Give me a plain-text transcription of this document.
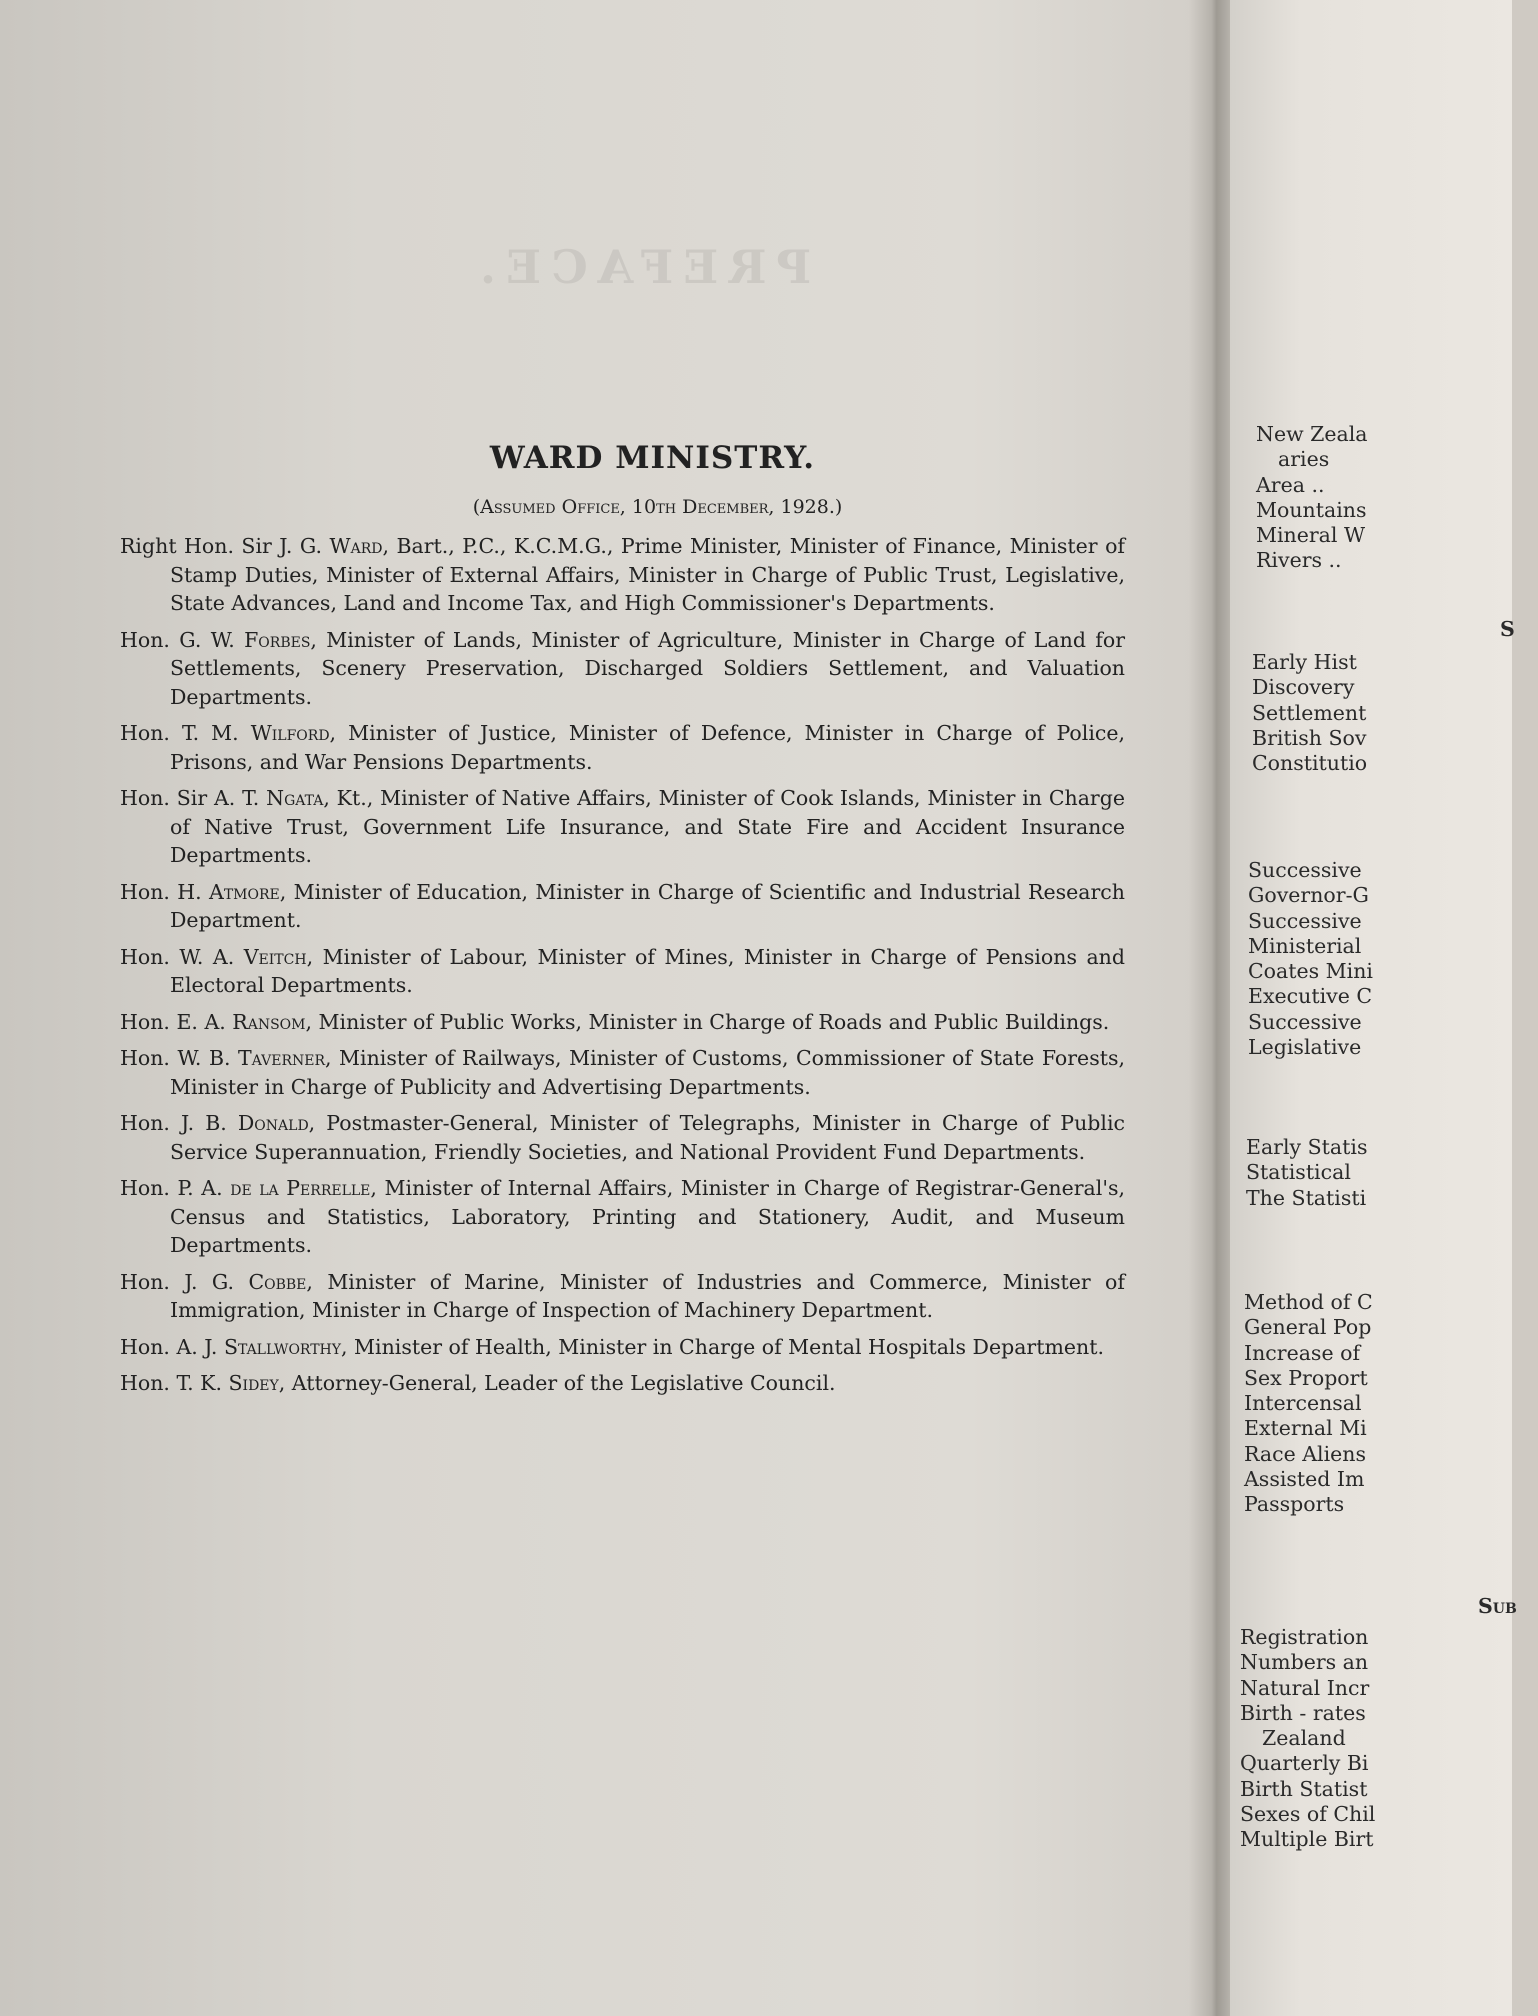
PREFACE.
WARD MINISTRY.
(Assumed Office, 10th December, 1928.)
Right Hon. Sir J. G. Ward, Bart., P.C., K.C.M.G., Prime Minister, Minister of Finance, Minister of Stamp Duties, Minister of External Affairs, Minister in Charge of Public Trust, Legislative, State Advances, Land and Income Tax, and High Commissioner's Departments.
Hon. G. W. Forbes, Minister of Lands, Minister of Agriculture, Minister in Charge of Land for Settlements, Scenery Preservation, Discharged Soldiers Settlement, and Valuation Departments.
Hon. T. M. Wilford, Minister of Justice, Minister of Defence, Minister in Charge of Police, Prisons, and War Pensions Departments.
Hon. Sir A. T. Ngata, Kt., Minister of Native Affairs, Minister of Cook Islands, Minister in Charge of Native Trust, Government Life Insurance, and State Fire and Accident Insurance Departments.
Hon. H. Atmore, Minister of Education, Minister in Charge of Scientific and Industrial Research Department.
Hon. W. A. Veitch, Minister of Labour, Minister of Mines, Minister in Charge of Pensions and Electoral Departments.
Hon. E. A. Ransom, Minister of Public Works, Minister in Charge of Roads and Public Buildings.
Hon. W. B. Taverner, Minister of Railways, Minister of Customs, Commissioner of State Forests, Minister in Charge of Publicity and Advertising Departments.
Hon. J. B. Donald, Postmaster-General, Minister of Telegraphs, Minister in Charge of Public Service Superannuation, Friendly Societies, and National Provident Fund Departments.
Hon. P. A. de la Perrelle, Minister of Internal Affairs, Minister in Charge of Registrar-General's, Census and Statistics, Laboratory, Printing and Stationery, Audit, and Museum Departments.
Hon. J. G. Cobbe, Minister of Marine, Minister of Industries and Commerce, Minister of Immigration, Minister in Charge of Inspection of Machinery Department.
Hon. A. J. Stallworthy, Minister of Health, Minister in Charge of Mental Hospitals Department.
Hon. T. K. Sidey, Attorney-General, Leader of the Legislative Council.
S
Sub
New Zeala
aries
Area ..
Mountains
Mineral W
Rivers ..
Early Hist
Discovery
Settlement
British Sov
Constitutio
Successive
Governor-G
Successive
Ministerial
Coates Mini
Executive C
Successive
Legislative
Early Statis
Statistical
The Statisti
Method of C
General Pop
Increase of
Sex Proport
Intercensal
External Mi
Race Aliens
Assisted Im
Passports
Registration
Numbers an
Natural Incr
Birth - rates
Zealand
Quarterly Bi
Birth Statist
Sexes of Chil
Multiple Birt
